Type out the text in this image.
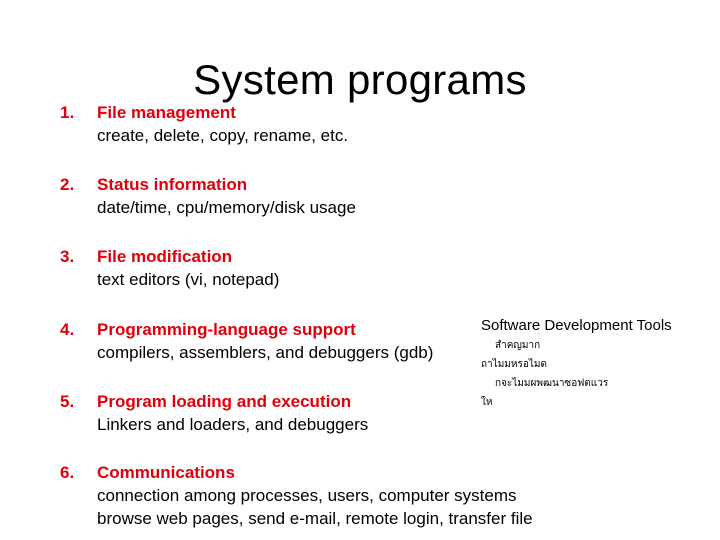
System programs
1.	File management
create, delete, copy, rename, etc.
2.	Status information
date/time, cpu/memory/disk usage
3.	File modification
text editors (vi, notepad)
4.	Programming-language support
compilers, assemblers, and debuggers (gdb)
5.	Program loading and execution
Linkers and loaders, and debuggers
6.	Communications
connection among processes, users, computer systems
browse web pages, send e-mail, remote login, transfer file
Software Development Tools
สำคญมาก
ถาไมมหรอไมด
กจะไมมผพฒนาซอฟตแวร
ให
